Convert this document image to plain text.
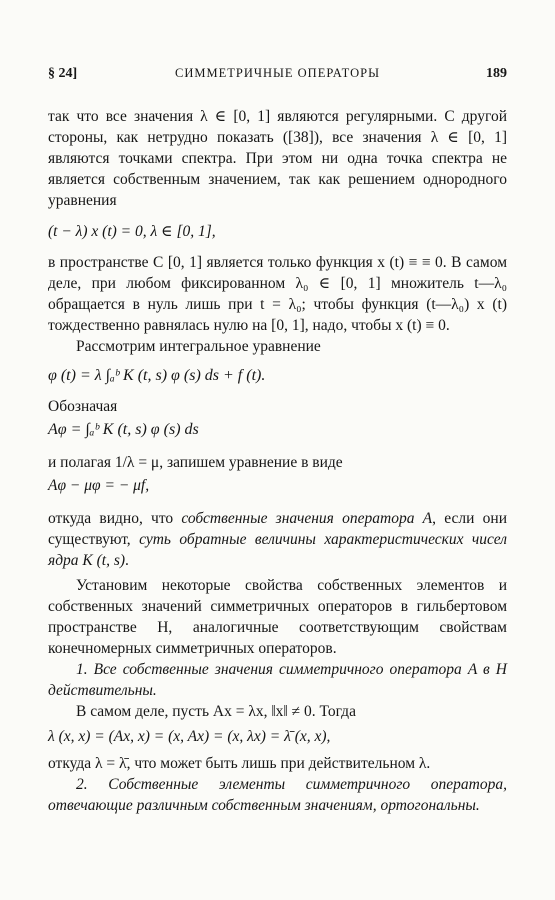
§ 24]	СИММЕТРИЧНЫЕ ОПЕРАТОРЫ	189

так что все значения λ ∈ [0, 1] являются регулярными. С другой стороны, как нетрудно показать ([38]), все значения λ ∈ [0, 1] являются точками спектра. При этом ни одна точка спектра не является собственным значением, так как решением однородного уравнения

(t − λ) x (t) = 0, λ ∈ [0, 1],

в пространстве C [0, 1] является только функция x (t) ≡ ≡ 0. В самом деле, при любом фиксированном λ₀ ∈ [0, 1] множитель t—λ₀ обращается в нуль лишь при t = λ₀; чтобы функция (t—λ₀) x (t) тождественно равнялась нулю на [0, 1], надо, чтобы x (t) ≡ 0.

Рассмотрим интегральное уравнение

φ (t) = λ ∫ₐᵇ K (t, s) φ (s) ds + f (t).

Обозначая

Aφ = ∫ₐᵇ K (t, s) φ (s) ds

и полагая 1/λ = μ, запишем уравнение в виде

Aφ − μφ = − μf,

откуда видно, что собственные значения оператора A, если они существуют, суть обратные величины характеристических чисел ядра K (t, s).

Установим некоторые свойства собственных элементов и собственных значений симметричных операторов в гильбертовом пространстве H, аналогичные соответствующим свойствам конечномерных симметричных операторов.

1. Все собственные значения симметричного оператора A в H действительны.

В самом деле, пусть Ax = λx, ‖x‖ ≠ 0. Тогда

λ (x, x) = (Ax, x) = (x, Ax) = (x, λx) = λ̄ (x, x),

откуда λ = λ̄, что может быть лишь при действительном λ.

2. Собственные элементы симметричного оператора, отвечающие различным собственным значениям, ортогональны.
